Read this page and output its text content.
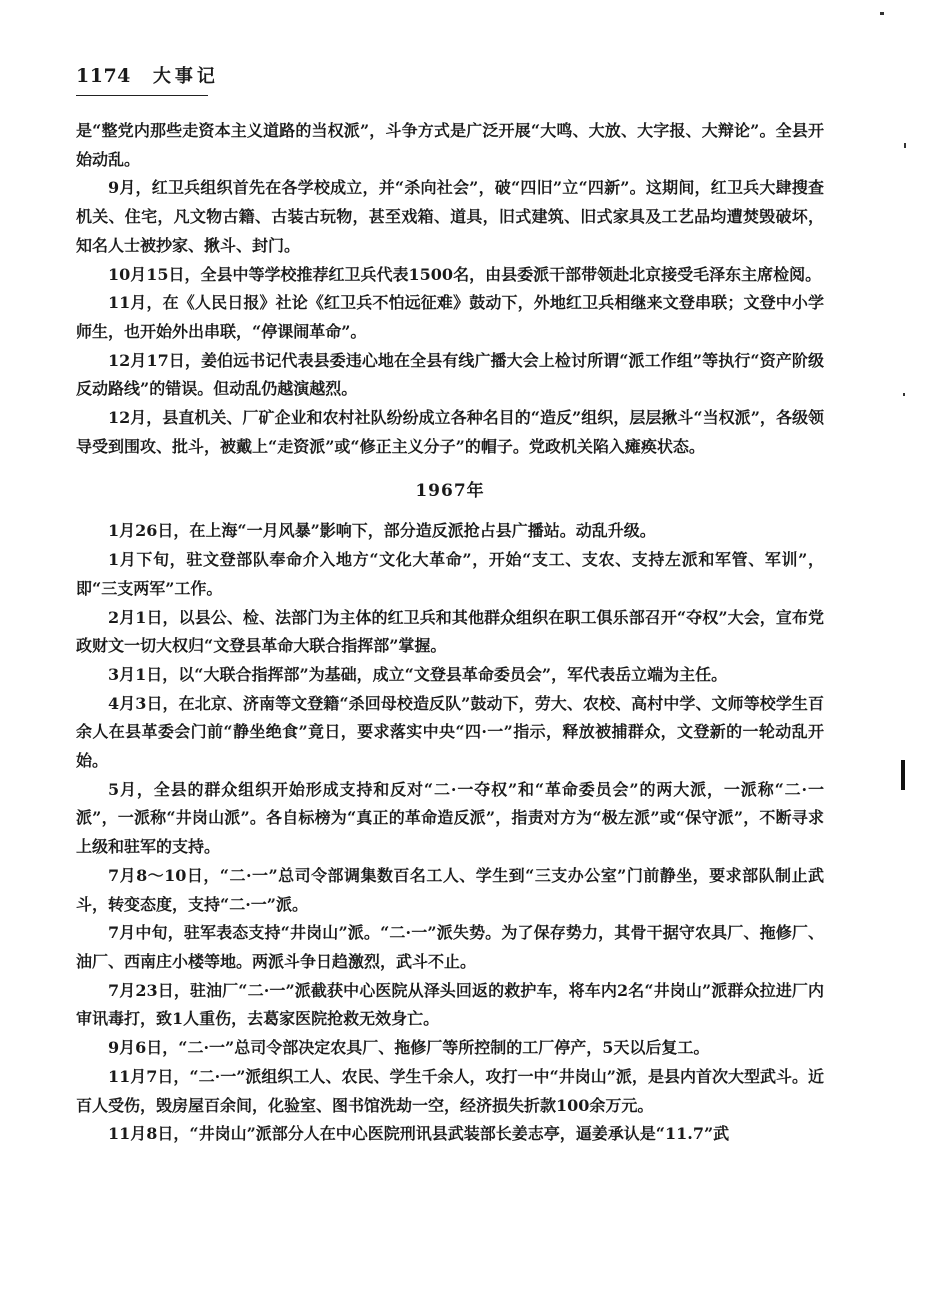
1174 大事记

是“整党内那些走资本主义道路的当权派”，斗争方式是广泛开展“大鸣、大放、大字报、大辩论”。全县开始动乱。

9月，红卫兵组织首先在各学校成立，并“杀向社会”，破“四旧”立“四新”。这期间，红卫兵大肆搜查机关、住宅，凡文物古籍、古装古玩物，甚至戏箱、道具，旧式建筑、旧式家具及工艺品均遭焚毁破坏，知名人士被抄家、揪斗、封门。

10月15日，全县中等学校推荐红卫兵代表1500名，由县委派干部带领赴北京接受毛泽东主席检阅。

11月，在《人民日报》社论《红卫兵不怕远征难》鼓动下，外地红卫兵相继来文登串联；文登中小学师生，也开始外出串联，“停课闹革命”。

12月17日，姜伯远书记代表县委违心地在全县有线广播大会上检讨所谓“派工作组”等执行“资产阶级反动路线”的错误。但动乱仍越演越烈。

12月，县直机关、厂矿企业和农村社队纷纷成立各种名目的“造反”组织，层层揪斗“当权派”，各级领导受到围攻、批斗，被戴上“走资派”或“修正主义分子”的帽子。党政机关陷入瘫痪状态。

1967年

1月26日，在上海“一月风暴”影响下，部分造反派抢占县广播站。动乱升级。

1月下旬，驻文登部队奉命介入地方“文化大革命”，开始“支工、支农、支持左派和军管、军训”，即“三支两军”工作。

2月1日，以县公、检、法部门为主体的红卫兵和其他群众组织在职工俱乐部召开“夺权”大会，宣布党政财文一切大权归“文登县革命大联合指挥部”掌握。

3月1日，以“大联合指挥部”为基础，成立“文登县革命委员会”，军代表岳立端为主任。

4月3日，在北京、济南等文登籍“杀回母校造反队”鼓动下，劳大、农校、高村中学、文师等校学生百余人在县革委会门前“静坐绝食”竟日，要求落实中央“四·一”指示，释放被捕群众，文登新的一轮动乱开始。

5月，全县的群众组织开始形成支持和反对“二·一夺权”和“革命委员会”的两大派，一派称“二·一派”，一派称“井岗山派”。各自标榜为“真正的革命造反派”，指责对方为“极左派”或“保守派”，不断寻求上级和驻军的支持。

7月8～10日，“二·一”总司令部调集数百名工人、学生到“三支办公室”门前静坐，要求部队制止武斗，转变态度，支持“二·一”派。

7月中旬，驻军表态支持“井岗山”派。“二·一”派失势。为了保存势力，其骨干据守农具厂、拖修厂、油厂、西南庄小楼等地。两派斗争日趋激烈，武斗不止。

7月23日，驻油厂“二·一”派截获中心医院从泽头回返的救护车，将车内2名“井岗山”派群众拉进厂内审讯毒打，致1人重伤，去葛家医院抢救无效身亡。

9月6日，“二·一”总司令部决定农具厂、拖修厂等所控制的工厂停产，5天以后复工。

11月7日，“二·一”派组织工人、农民、学生千余人，攻打一中“井岗山”派，是县内首次大型武斗。近百人受伤，毁房屋百余间，化验室、图书馆洗劫一空，经济损失折款100余万元。

11月8日，“井岗山”派部分人在中心医院刑讯县武装部长姜志亭，逼姜承认是“11.7”武
